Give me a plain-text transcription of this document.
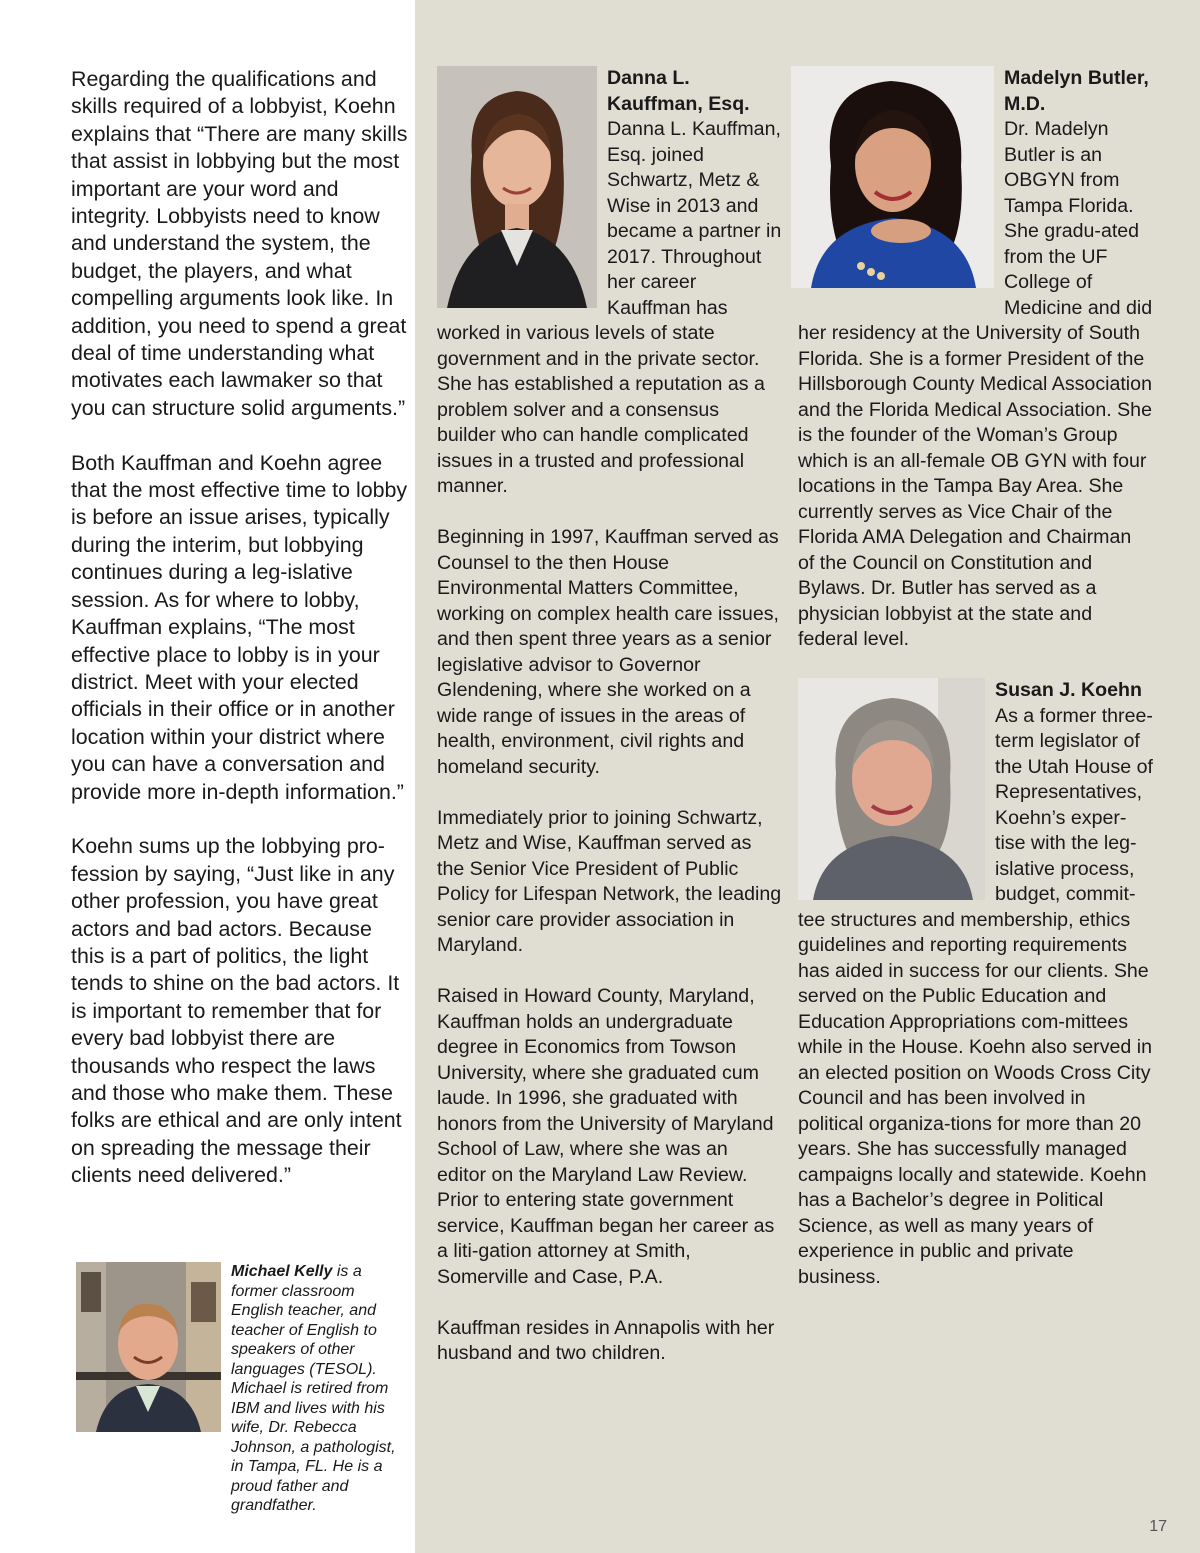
Regarding the qualifications and skills required of a lobbyist, Koehn explains that “There are many skills that assist in lobbying but the most important are your word and integrity. Lobbyists need to know and understand the system, the budget, the players, and what compelling arguments look like. In addition, you need to spend a great deal of time understanding what motivates each lawmaker so that you can structure solid arguments.”

Both Kauffman and Koehn agree that the most effective time to lobby is before an issue arises, typically during the interim, but lobbying continues during a leg-islative session. As for where to lobby, Kauffman explains, “The most effective place to lobby is in your district. Meet with your elected officials in their office or in another location within your district where you can have a conversation and provide more in-depth information.”

Koehn sums up the lobbying pro-fession by saying, “Just like in any other profession, you have great actors and bad actors. Because this is a part of politics, the light tends to shine on the bad actors. It is important to remember that for every bad lobbyist there are thousands who respect the laws and those who make them. These folks are ethical and are only intent on spreading the message their clients need delivered.”

Michael Kelly is a former classroom English teacher, and teacher of English to speakers of other languages (TESOL). Michael is retired from IBM and lives with his wife, Dr. Rebecca Johnson, a pathologist, in Tampa, FL. He is a proud father and grandfather.
Danna L. Kauffman, Esq.

Danna L. Kauffman, Esq. joined Schwartz, Metz & Wise in 2013 and became a partner in 2017. Throughout her career Kauffman has worked in various levels of state government and in the private sector. She has established a reputation as a problem solver and a consensus builder who can handle complicated issues in a trusted and professional manner.

Beginning in 1997, Kauffman served as Counsel to the then House Environmental Matters Committee, working on complex health care issues, and then spent three years as a senior legislative advisor to Governor Glendening, where she worked on a wide range of issues in the areas of health, environment, civil rights and homeland security.

Immediately prior to joining Schwartz, Metz and Wise, Kauffman served as the Senior Vice President of Public Policy for Lifespan Network, the leading senior care provider association in Maryland.

Raised in Howard County, Maryland, Kauffman holds an undergraduate degree in Economics from Towson University, where she graduated cum laude. In 1996, she graduated with honors from the University of Maryland School of Law, where she was an editor on the Maryland Law Review. Prior to entering state government service, Kauffman began her career as a liti-gation attorney at Smith, Somerville and Case, P.A.

Kauffman resides in Annapolis with her husband and two children.

Madelyn Butler, M.D.

Dr. Madelyn Butler is an OBGYN from Tampa Florida. She gradu-ated from the UF College of Medicine and did her residency at the University of South Florida. She is a former President of the Hillsborough County Medical Association and the Florida Medical Association. She is the founder of the Woman’s Group which is an all-female OB GYN with four locations in the Tampa Bay Area. She currently serves as Vice Chair of the Florida AMA Delegation and Chairman of the Council on Constitution and Bylaws. Dr. Butler has served as a physician lobbyist at the state and federal level.

Susan J. Koehn

As a former three-term legislator of the Utah House of Representatives, Koehn’s exper-tise with the leg-islative process, budget, commit-tee structures and membership, ethics guidelines and reporting requirements has aided in success for our clients. She served on the Public Education and Education Appropriations com-mittees while in the House. Koehn also served in an elected position on Woods Cross City Council and has been involved in political organiza-tions for more than 20 years. She has successfully managed campaigns locally and statewide. Koehn has a Bachelor’s degree in Political Science, as well as many years of experience in public and private business.

17
